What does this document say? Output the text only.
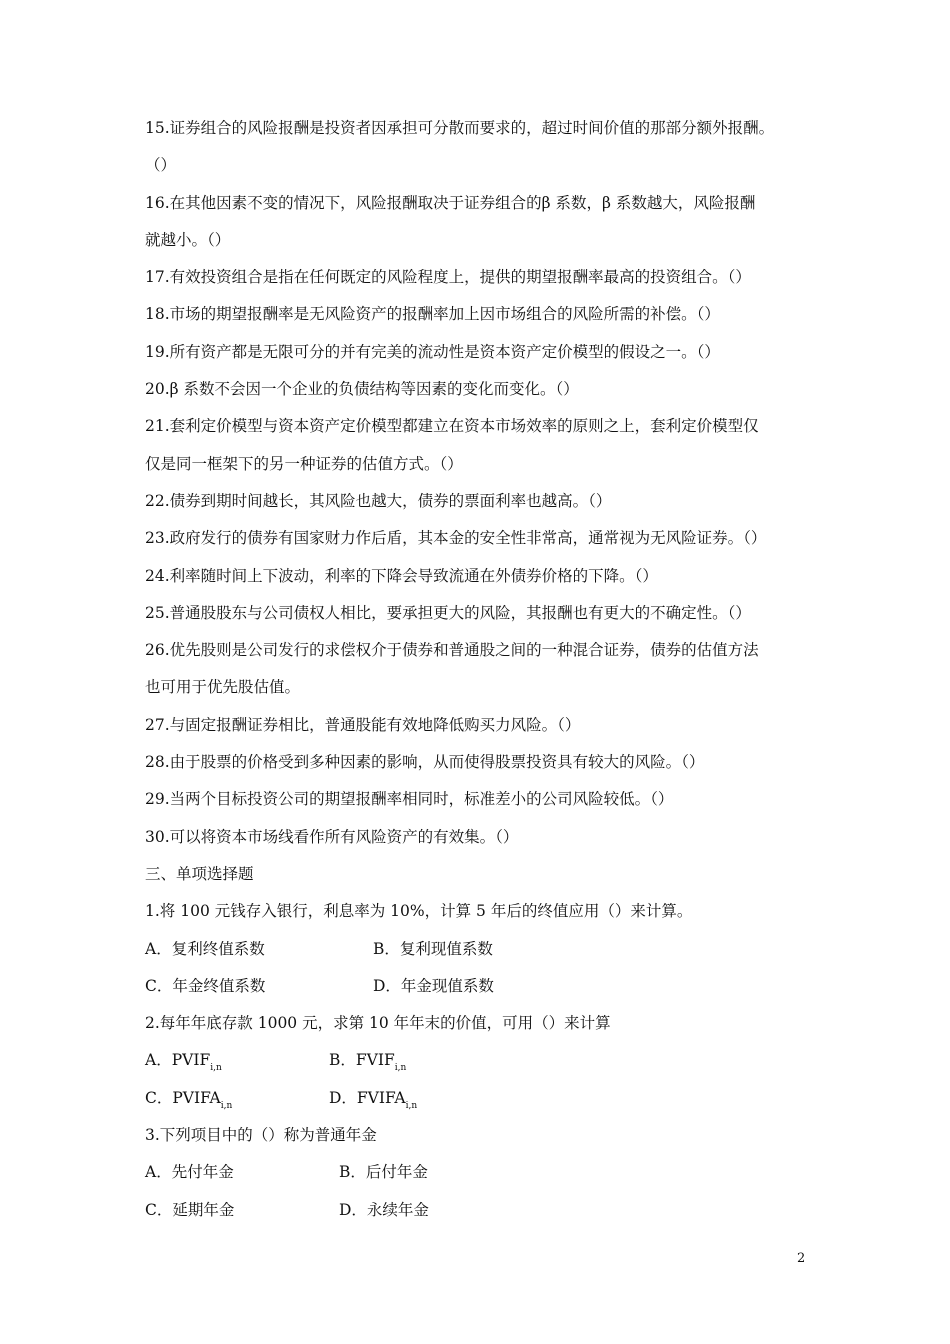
15.证券组合的风险报酬是投资者因承担可分散而要求的，超过时间价值的那部分额外报酬。
（）
16.在其他因素不变的情况下，风险报酬取决于证券组合的β 系数，β 系数越大，风险报酬
就越小。（）
17.有效投资组合是指在任何既定的风险程度上，提供的期望报酬率最高的投资组合。（）
18.市场的期望报酬率是无风险资产的报酬率加上因市场组合的风险所需的补偿。（）
19.所有资产都是无限可分的并有完美的流动性是资本资产定价模型的假设之一。（）
20.β 系数不会因一个企业的负债结构等因素的变化而变化。（）
21.套利定价模型与资本资产定价模型都建立在资本市场效率的原则之上，套利定价模型仅
仅是同一框架下的另一种证券的估值方式。（）
22.债券到期时间越长，其风险也越大，债券的票面利率也越高。（）
23.政府发行的债券有国家财力作后盾，其本金的安全性非常高，通常视为无风险证券。（）
24.利率随时间上下波动，利率的下降会导致流通在外债券价格的下降。（）
25.普通股股东与公司债权人相比，要承担更大的风险，其报酬也有更大的不确定性。（）
26.优先股则是公司发行的求偿权介于债券和普通股之间的一种混合证券，债券的估值方法
也可用于优先股估值。
27.与固定报酬证券相比，普通股能有效地降低购买力风险。（）
28.由于股票的价格受到多种因素的影响，从而使得股票投资具有较大的风险。（）
29.当两个目标投资公司的期望报酬率相同时，标准差小的公司风险较低。（）
30.可以将资本市场线看作所有风险资产的有效集。（）
三、单项选择题
1.将 100 元钱存入银行，利息率为 10%，计算 5 年后的终值应用（）来计算。
A．复利终值系数	B．复利现值系数
C．年金终值系数	D．年金现值系数
2.每年年底存款 1000 元，求第 10 年年末的价值，可用（）来计算
A．$PVIF_{i,n}$	B．$FVIF_{i,n}$
C．$PVIFA_{i,n}$	D．$FVIFA_{i,n}$
3.下列项目中的（）称为普通年金
A．先付年金	B．后付年金
C．延期年金	D．永续年金
2
